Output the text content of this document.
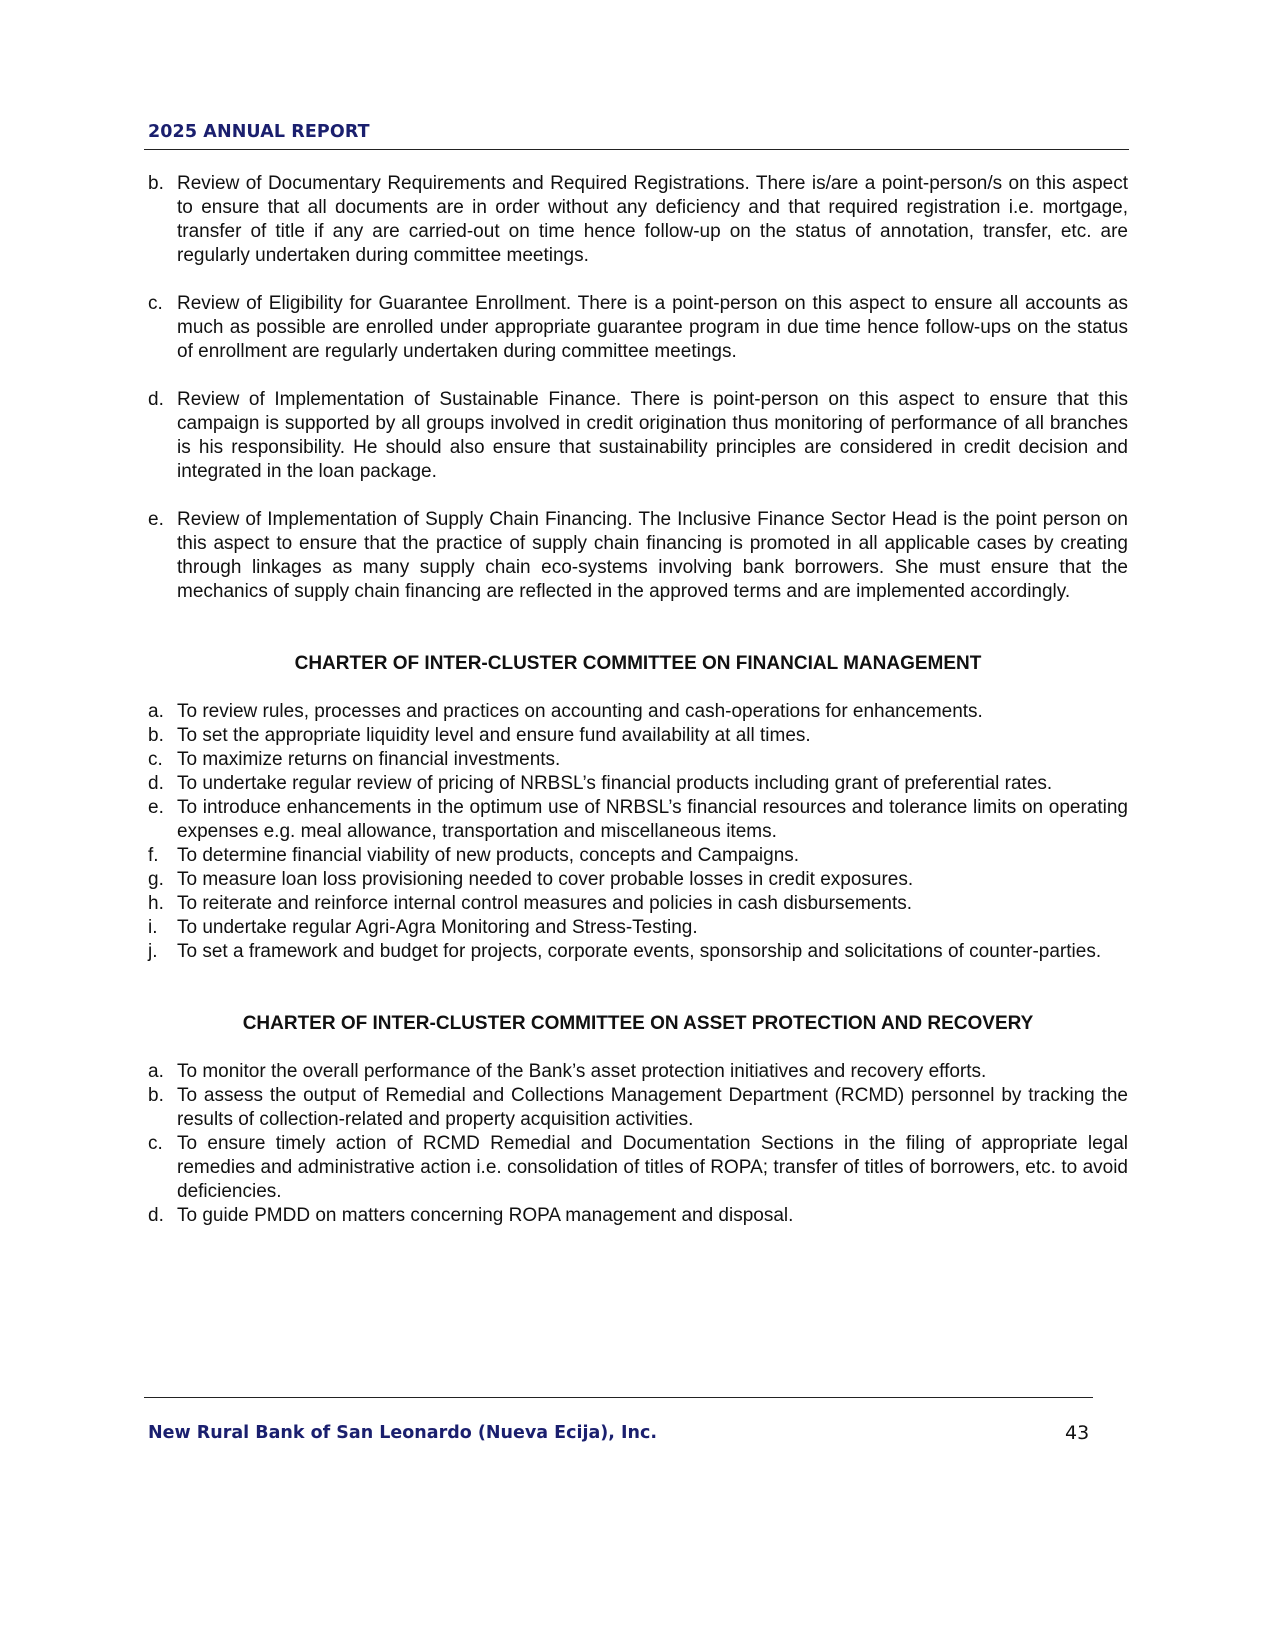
2025 ANNUAL REPORT
b. Review of Documentary Requirements and Required Registrations. There is/are a point-person/s on this aspect to ensure that all documents are in order without any deficiency and that required registration i.e. mortgage, transfer of title if any are carried-out on time hence follow-up on the status of annotation, transfer, etc. are regularly undertaken during committee meetings.
c. Review of Eligibility for Guarantee Enrollment. There is a point-person on this aspect to ensure all accounts as much as possible are enrolled under appropriate guarantee program in due time hence follow-ups on the status of enrollment are regularly undertaken during committee meetings.
d. Review of Implementation of Sustainable Finance. There is point-person on this aspect to ensure that this campaign is supported by all groups involved in credit origination thus monitoring of performance of all branches is his responsibility. He should also ensure that sustainability principles are considered in credit decision and integrated in the loan package.
e. Review of Implementation of Supply Chain Financing. The Inclusive Finance Sector Head is the point person on this aspect to ensure that the practice of supply chain financing is promoted in all applicable cases by creating through linkages as many supply chain eco-systems involving bank borrowers. She must ensure that the mechanics of supply chain financing are reflected in the approved terms and are implemented accordingly.
CHARTER OF INTER-CLUSTER COMMITTEE ON FINANCIAL MANAGEMENT
a. To review rules, processes and practices on accounting and cash-operations for enhancements.
b. To set the appropriate liquidity level and ensure fund availability at all times.
c. To maximize returns on financial investments.
d. To undertake regular review of pricing of NRBSL’s financial products including grant of preferential rates.
e. To introduce enhancements in the optimum use of NRBSL’s financial resources and tolerance limits on operating expenses e.g. meal allowance, transportation and miscellaneous items.
f. To determine financial viability of new products, concepts and Campaigns.
g. To measure loan loss provisioning needed to cover probable losses in credit exposures.
h. To reiterate and reinforce internal control measures and policies in cash disbursements.
i. To undertake regular Agri-Agra Monitoring and Stress-Testing.
j. To set a framework and budget for projects, corporate events, sponsorship and solicitations of counter-parties.
CHARTER OF INTER-CLUSTER COMMITTEE ON ASSET PROTECTION AND RECOVERY
a. To monitor the overall performance of the Bank’s asset protection initiatives and recovery efforts.
b. To assess the output of Remedial and Collections Management Department (RCMD) personnel by tracking the results of collection-related and property acquisition activities.
c. To ensure timely action of RCMD Remedial and Documentation Sections in the filing of appropriate legal remedies and administrative action i.e. consolidation of titles of ROPA; transfer of titles of borrowers, etc. to avoid deficiencies.
d. To guide PMDD on matters concerning ROPA management and disposal.
New Rural Bank of San Leonardo (Nueva Ecija), Inc.	43
